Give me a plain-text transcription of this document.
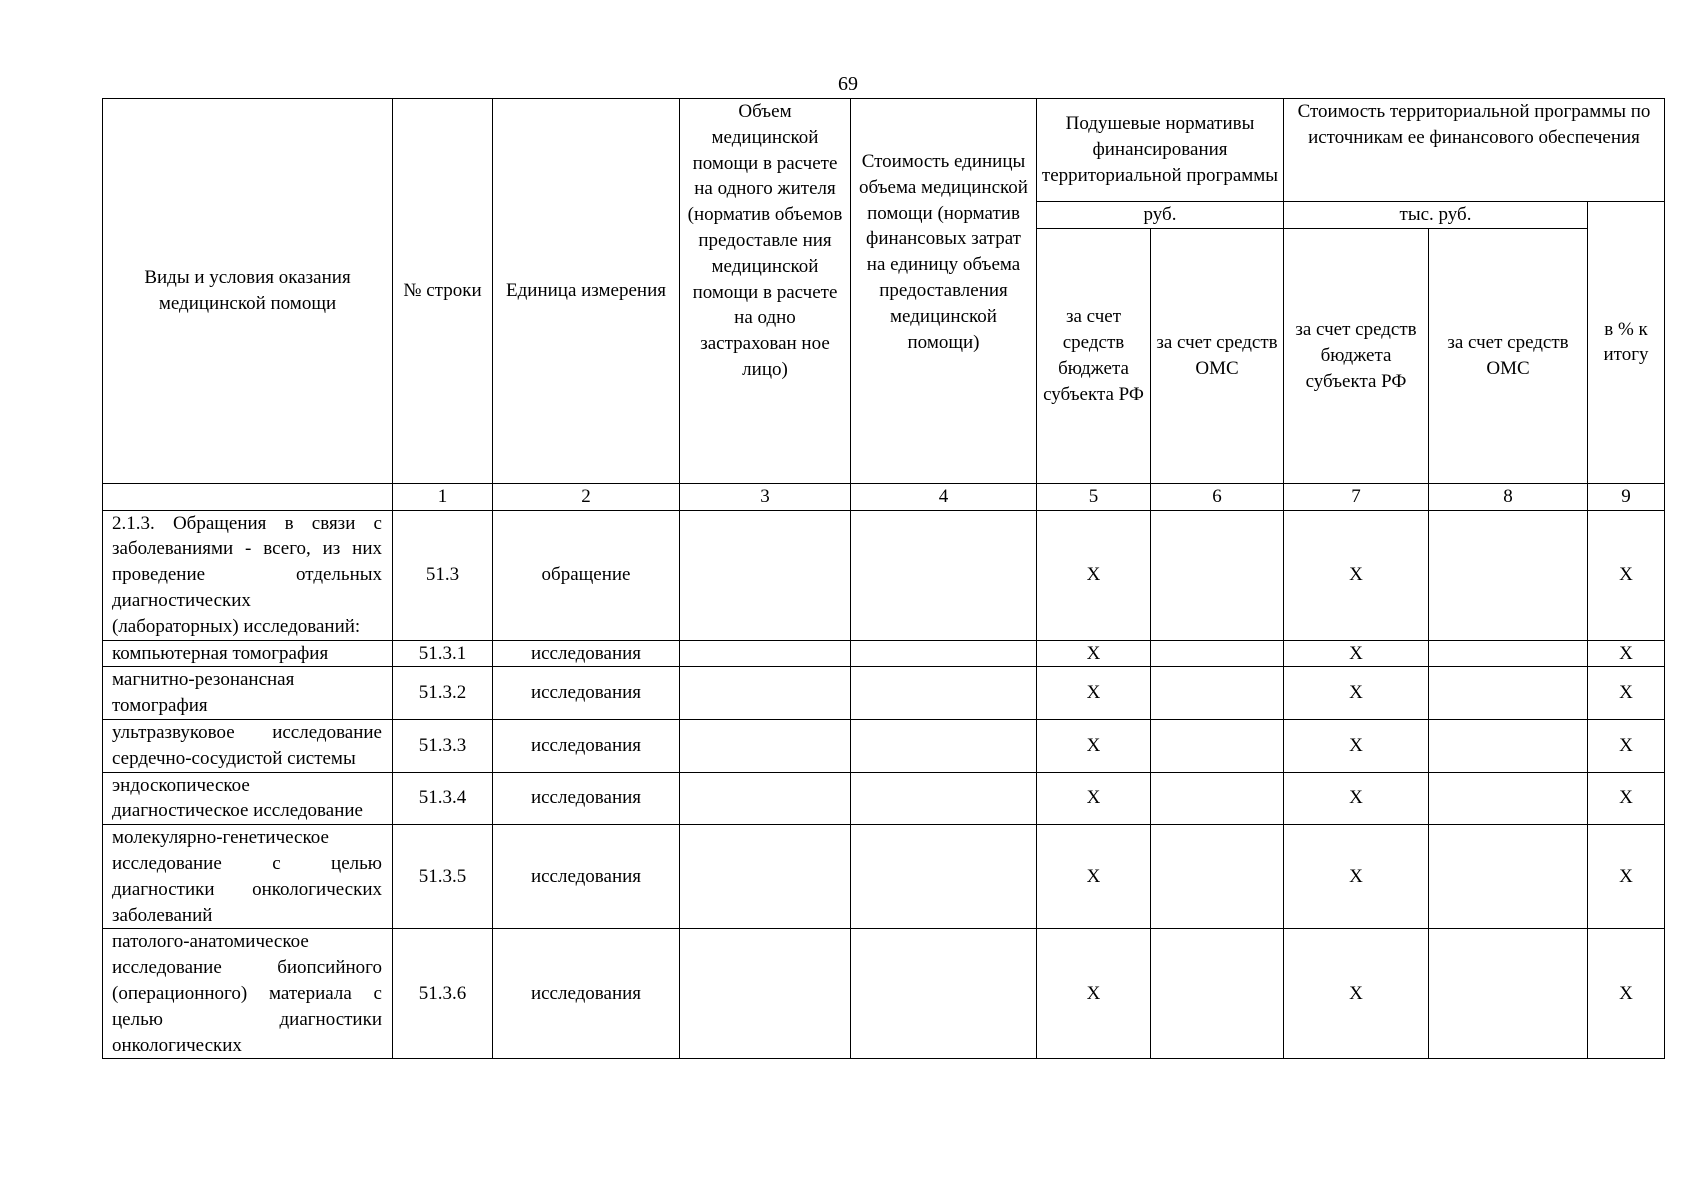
69
Виды и условия оказания медицинской помощи	№ строки	Единица измерения	Объем медицинской помощи в расчете на одного жителя (норматив объемов предоставле ния медицинской помощи в расчете на одно застрахован ное лицо)	Стоимость единицы объема медицинской помощи (норматив финансовых затрат на единицу объема предоставления медицинской помощи)	Подушевые нормативы финансирования территориальной программы		Стоимость территориальной программы по источникам ее финансового обеспечения		
					руб.		тыс. руб.		в % к итогу
					за счет средств бюджета субъекта РФ	за счет средств ОМС	за счет средств бюджета субъекта РФ	за счет средств ОМС	
	1	2	3	4	5	6	7	8	9
2.1.3. Обращения в связи с заболеваниями - всего, из них проведение отдельных диагностических (лабораторных) исследований:	51.3	обращение			X		X		X
компьютерная томография	51.3.1	исследования			X		X		X
магнитно-резонансная томография	51.3.2	исследования			X		X		X
ультразвуковое исследование сердечно-сосудистой системы	51.3.3	исследования			X		X		X
эндоскопическое диагностическое исследование	51.3.4	исследования			X		X		X
молекулярно-генетическое исследование с целью диагностики онкологических заболеваний	51.3.5	исследования			X		X		X
патолого-анатомическое исследование биопсийного (операционного) материала с целью диагностики онкологических	51.3.6	исследования			X		X		X
